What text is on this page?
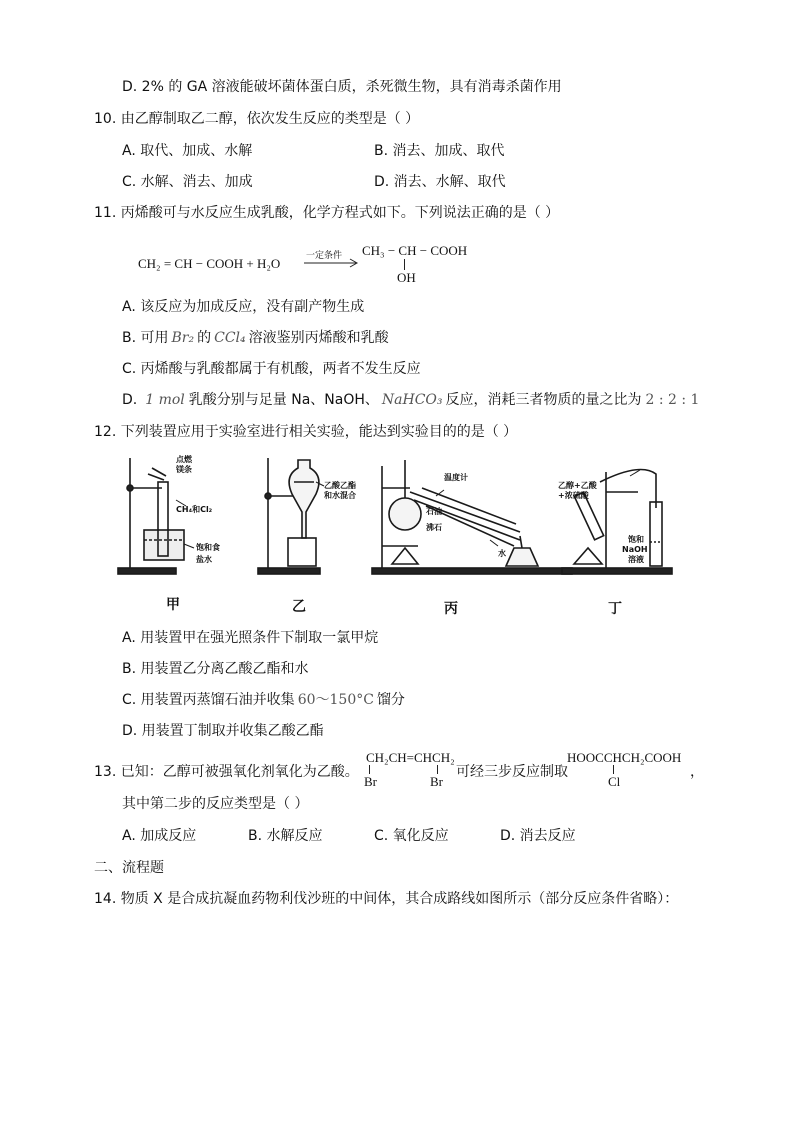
D. 2% 的 GA 溶液能破坏菌体蛋白质，杀死微生物，具有消毒杀菌作用
10. 由乙醇制取乙二醇，依次发生反应的类型是（ ）
A. 取代、加成、水解	B. 消去、加成、取代
C. 水解、消去、加成	D. 消去、水解、取代
11. 丙烯酸可与水反应生成乳酸，化学方程式如下。下列说法正确的是（ ）
CH₂ = CH − COOH + H₂O
一定条件 CH₃ − CH − COOH
OH
A. 该反应为加成反应，没有副产物生成
B. 可用 Br₂ 的 CCl₄ 溶液鉴别丙烯酸和乳酸
C. 丙烯酸与乳酸都属于有机酸，两者不发生反应
D. 1 mol 乳酸分别与足量 Na、NaOH、 NaHCO₃ 反应，消耗三者物质的量之比为 2 : 2 : 1
12. 下列装置应用于实验室进行相关实验，能达到实验目的的是（ ）
点燃
镁条
CH₄和Cl₂
饱和食
盐水
乙酸乙酯
和水混合
温度计
石油
沸石
水
乙醇+乙酸
+浓硫酸
饱和
NaOH
溶液
甲	乙	丙	丁
A. 用装置甲在强光照条件下制取一氯甲烷
B. 用装置乙分离乙酸乙酯和水
C. 用装置丙蒸馏石油并收集 60～150°C 馏分
D. 用装置丁制取并收集乙酸乙酯
13. 已知：乙醇可被强氧化剂氧化为乙酸。
CH₂CH=CHCH₂
Br	Br
可经三步反应制取
HOOCCHCH₂COOH
Cl
，
其中第二步的反应类型是（ ）
A. 加成反应	B. 水解反应	C. 氧化反应	D. 消去反应
二、流程题
14. 物质 X 是合成抗凝血药物利伐沙班的中间体，其合成路线如图所示（部分反应条件省略）：
